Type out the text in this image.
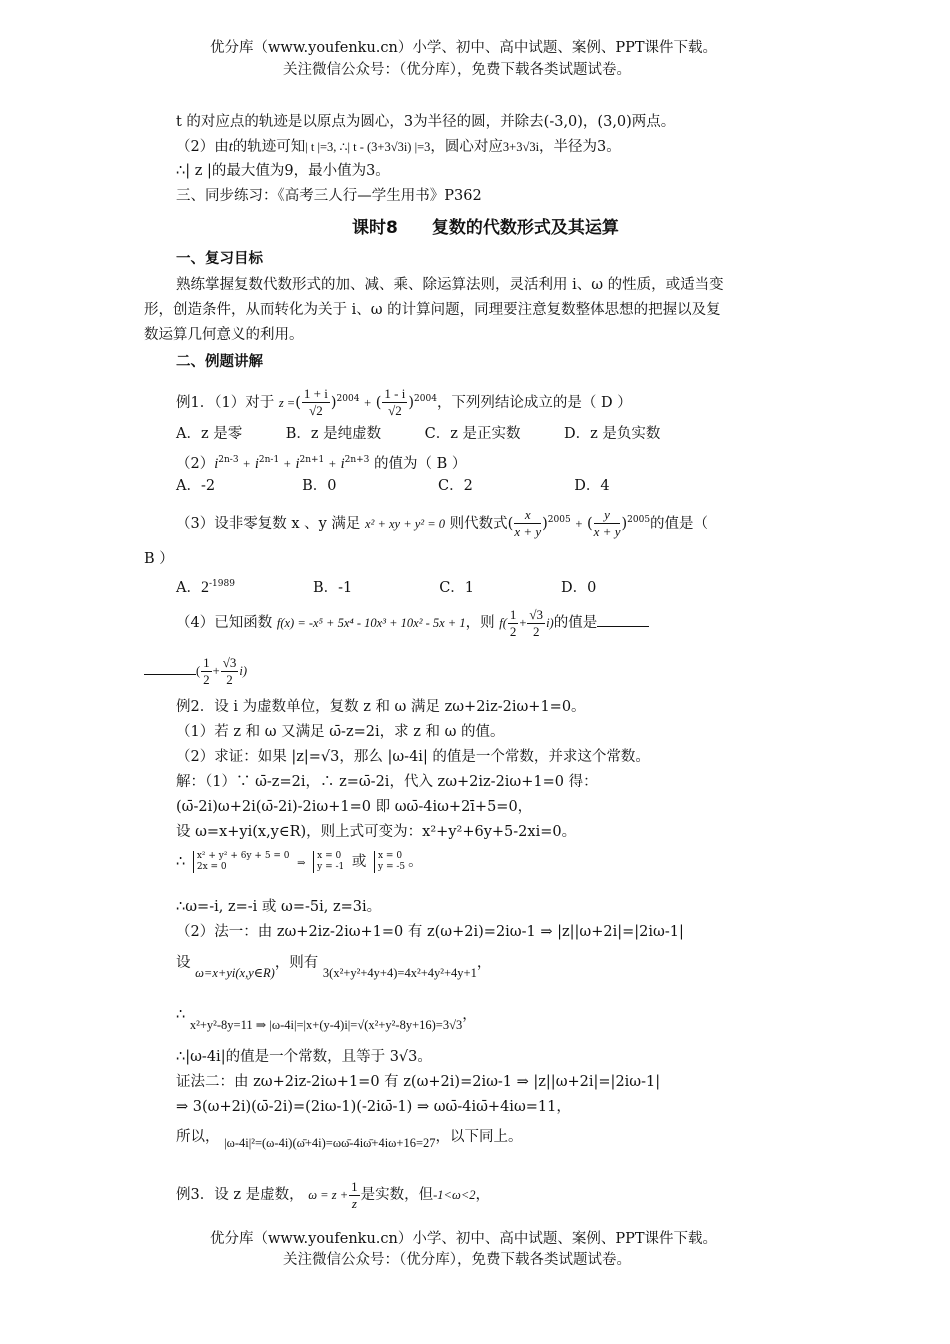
优分库（www.youfenku.cn）小学、初中、高中试题、案例、PPT课件下载。
关注微信公众号：（优分库），免费下载各类试题试卷。
t 的对应点的轨迹是以原点为圆心，3为半径的圆，并除去(-3,0)，(3,0)两点。
（2）由t的轨迹可知| t |=3, ∴| t - (3+3√3i) |=3，圆心对应3+3√3i，半径为3。
∴| z |的最大值为9，最小值为3。
三、同步练习：《高考三人行—学生用书》P362
课时8　　复数的代数形式及其运算
一、复习目标
熟练掌握复数代数形式的加、减、乘、除运算法则，灵活利用 i、ω 的性质，或适当变
形，创造条件，从而转化为关于 i、ω 的计算问题，同理要注意复数整体思想的把握以及复
数运算几何意义的利用。
二、例题讲解
例1．（1）对于 z =( $\frac{1 + i}{√2} )^{2004}$ + ( $\frac{1 - i}{√2} )^{2004}$，下列列结论成立的是（ D ）
A．z 是零　　　B．z 是纯虚数　　　C．z 是正实数　　　D．z 是负实数
$(2)i^{2n-3} + i^{2n-1} + i^{2n+1} + i^{2n+3}$ 的值为（ B ）
A．-2　　　　　　B．0　　　　　　　C．2　　　　　　　D．4
（3）设非零复数 x 、y 满足 x² + xy + y² = 0 则代数式( $\frac{x}{x + y} )^{2005}$ + ( $\frac{y}{x + y} )^{2005}$的值是（
B ）
A．$2^{-1989}$	B．-1　　　　　　C．1　　　　　　D．0
（4）已知函数 f(x) = -x⁵ + 5x⁴ - 10x³ + 10x² - 5x + 1，则 $f( \frac{1}{2} + \frac{√3}{2} i)$的值是
( $\frac{1}{2} + \frac{√3}{2} i$)
例2．设 i 为虚数单位，复数 z 和 ω 满足 zω+2iz-2iω+1=0。
（1）若 z 和 ω 又满足 ω̄-z=2i，求 z 和 ω 的值。
（2）求证：如果 |z|=√3，那么 |ω-4i| 的值是一个常数，并求这个常数。
解：（1）∵ ω̄-z=2i，∴ z=ω̄-2i，代入 zω+2iz-2iω+1=0 得：
(ω̄-2i)ω+2i(ω̄-2i)-2iω+1=0 即 ωω̄-4iω+2ī+5=0，
设 ω=x+yi(x,y∈R)，则上式可变为：x²+y²+6y+5-2xi=0。
∴ x² + y² + 6y + 5 = 0
2x = 0	⇒
x = 0
y = -1 或 x = 0
y = -5 。
∴ω=-i, z=-i 或 ω=-5i, z=3i。
（2）法一：由 zω+2iz-2iω+1=0 有 z(ω+2i)=2iω-1 ⇒ |z||ω+2i|=|2iω-1|
设 ω=x+yi(x,y∈R)，则有 3(x²+y²+4y+4)=4x²+4y²+4y+1，
∴ x²+y²-8y=11 ⇒ |ω-4i|=|x+(y-4)i|=√(x²+y²-8y+16)=3√3，
∴|ω-4i|的值是一个常数，且等于 3√3。
证法二：由 zω+2iz-2iω+1=0 有 z(ω+2i)=2iω-1 ⇒ |z||ω+2i|=|2iω-1|
⇒ 3(ω+2i)(ω̄-2i)=(2iω-1)(-2iω̄-1) ⇒ ωω̄-4iω̄+4iω=11，
所以， |ω-4i|²=(ω-4i)(ω̄+4i)=ωω̄-4iω̄+4iω+16=27，以下同上。
例3．设 z 是虚数， $\omega = z + \frac{1}{z}$ 是实数，但-1<ω<2，
优分库（www.youfenku.cn）小学、初中、高中试题、案例、PPT课件下载。
关注微信公众号：（优分库），免费下载各类试题试卷。
